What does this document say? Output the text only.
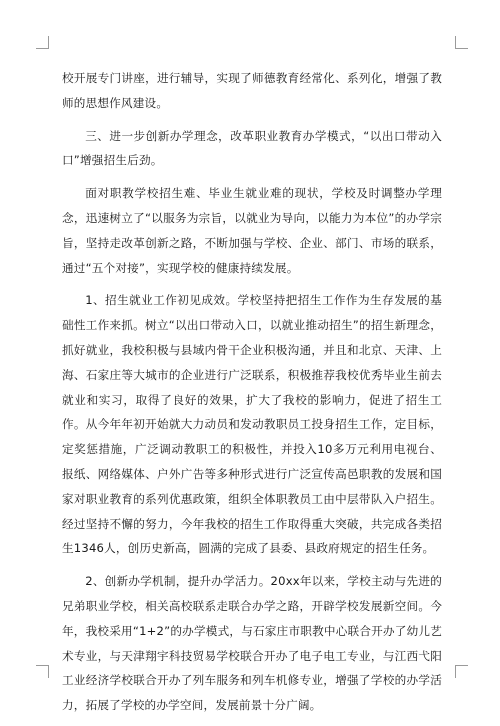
校开展专门讲座，进行辅导，实现了师德教育经常化、系列化，增强了教师的思想作风建设。

三、进一步创新办学理念，改革职业教育办学模式，“以出口带动入口”增强招生后劲。

面对职教学校招生难、毕业生就业难的现状，学校及时调整办学理念，迅速树立了“以服务为宗旨，以就业为导向，以能力为本位”的办学宗旨，坚持走改革创新之路，不断加强与学校、企业、部门、市场的联系，通过“五个对接”，实现学校的健康持续发展。

1、招生就业工作初见成效。学校坚持把招生工作作为生存发展的基础性工作来抓。树立“以出口带动入口，以就业推动招生”的招生新理念，抓好就业，我校积极与县域内骨干企业积极沟通，并且和北京、天津、上海、石家庄等大城市的企业进行广泛联系，积极推荐我校优秀毕业生前去就业和实习，取得了良好的效果，扩大了我校的影响力，促进了招生工作。从今年年初开始就大力动员和发动教职员工投身招生工作，定目标，定奖惩措施，广泛调动教职工的积极性，并投入10多万元利用电视台、报纸、网络媒体、户外广告等多种形式进行广泛宣传高邑职教的发展和国家对职业教育的系列优惠政策，组织全体职教员工由中层带队入户招生。经过坚持不懈的努力，今年我校的招生工作取得重大突破，共完成各类招生1346人，创历史新高，圆满的完成了县委、县政府规定的招生任务。

2、创新办学机制，提升办学活力。20xx年以来，学校主动与先进的兄弟职业学校，相关高校联系走联合办学之路，开辟学校发展新空间。今年，我校采用“1+2”的办学模式，与石家庄市职教中心联合开办了幼儿艺术专业，与天津翔宇科技贸易学校联合开办了电子电工专业，与江西弋阳工业经济学校联合开办了列车服务和列车机修专业，增强了学校的办学活力，拓展了学校的办学空间，发展前景十分广阔。
